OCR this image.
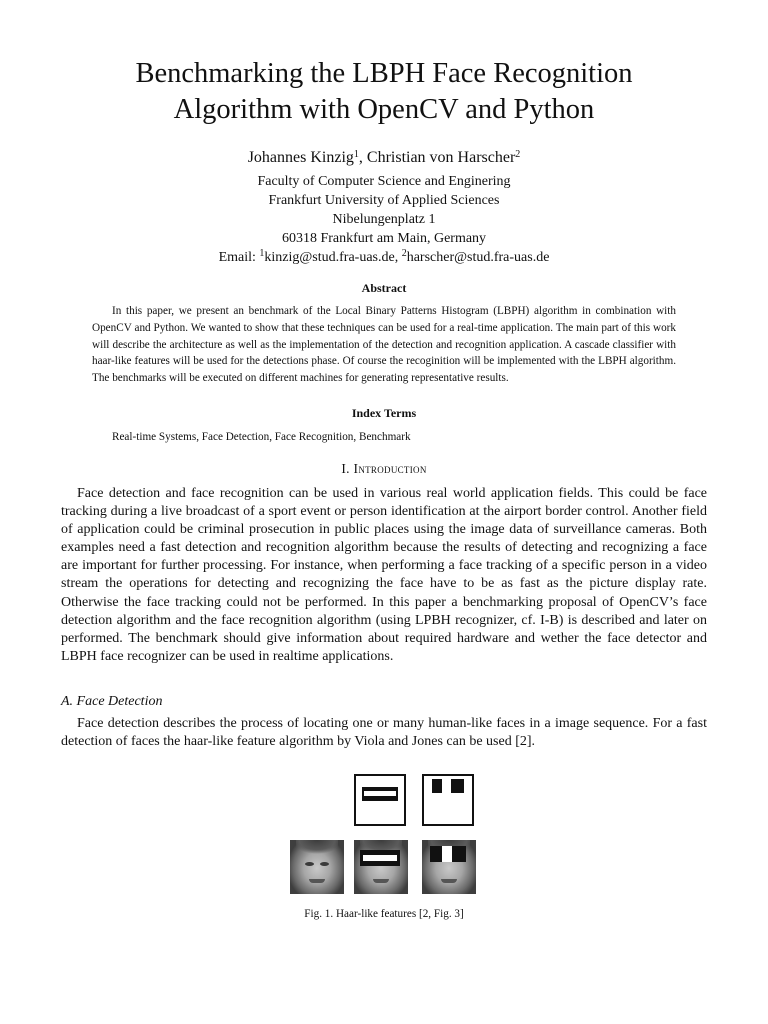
Benchmarking the LBPH Face Recognition
Algorithm with OpenCV and Python
Johannes Kinzig$^1$, Christian von Harscher$^2$
Faculty of Computer Science and Enginering
Frankfurt University of Applied Sciences
Nibelungenplatz 1
60318 Frankfurt am Main, Germany
Email: $^1$kinzig@stud.fra-uas.de, $^2$harscher@stud.fra-uas.de
Abstract
In this paper, we present an benchmark of the Local Binary Patterns Histogram (LBPH) algorithm in combination with OpenCV and Python. We wanted to show that these techniques can be used for a real-time application. The main part of this work will describe the architecture as well as the implementation of the detection and recognition application. A cascade classifier with haar-like features will be used for the detections phase. Of course the recoginition will be implemented with the LBPH algorithm. The benchmarks will be executed on different machines for generating representative results.
Index Terms
Real-time Systems, Face Detection, Face Recognition, Benchmark
I. Introduction
Face detection and face recognition can be used in various real world application fields. This could be face tracking during a live broadcast of a sport event or person identification at the airport border control. Another field of application could be criminal prosecution in public places using the image data of surveillance cameras. Both examples need a fast detection and recognition algorithm because the results of detecting and recognizing a face are important for further processing. For instance, when performing a face tracking of a specific person in a video stream the operations for detecting and recognizing the face have to be as fast as the picture display rate. Otherwise the face tracking could not be performed. In this paper a benchmarking proposal of OpenCV’s face detection algorithm and the face recognition algorithm (using LPBH recognizer, cf. I-B) is described and later on performed. The benchmark should give information about required hardware and wether the face detector and LBPH face recognizer can be used in realtime applications.
A. Face Detection
Face detection describes the process of locating one or many human-like faces in a image sequence. For a fast detection of faces the haar-like feature algorithm by Viola and Jones can be used [2].
Fig. 1. Haar-like features [2, Fig. 3]
